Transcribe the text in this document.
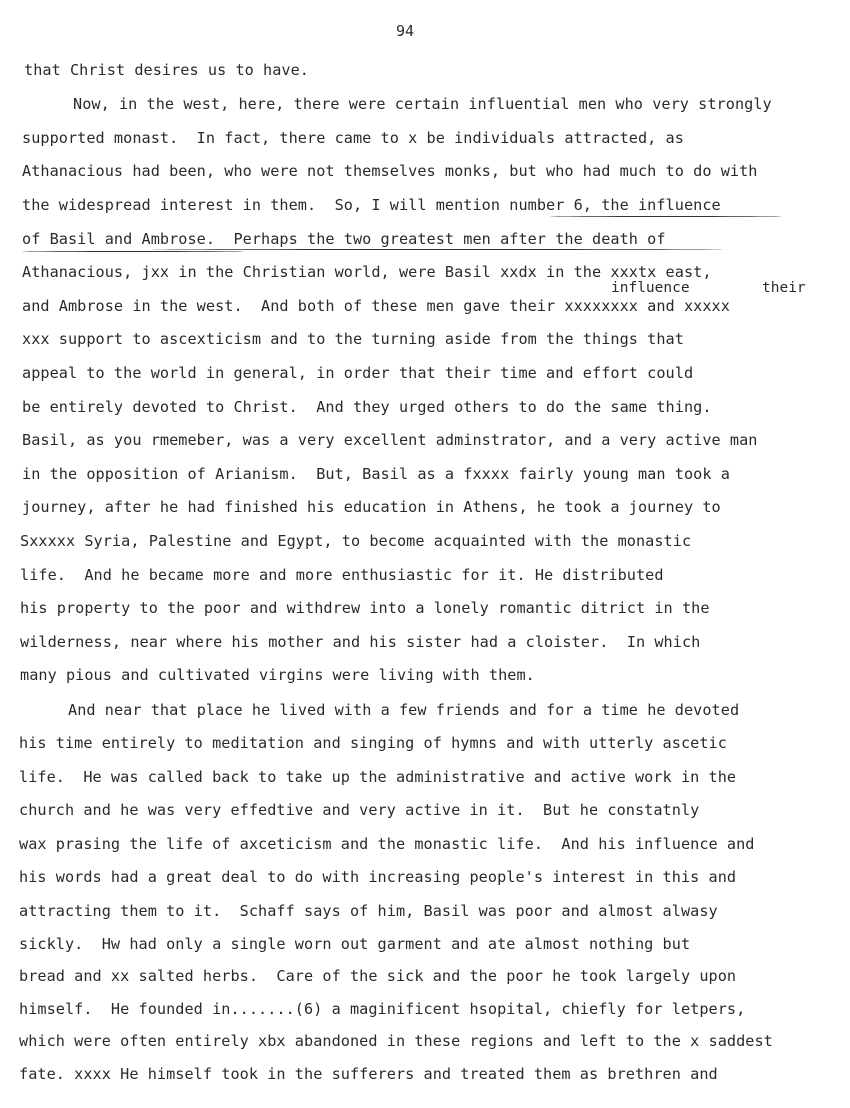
94
influence	their
that Christ desires us to have.
Now, in the west, here, there were certain influential men who very strongly
supported monast.  In fact, there came to x be individuals attracted, as
Athanacious had been, who were not themselves monks, but who had much to do with
the widespread interest in them.  So, I will mention number 6, the influence
of Basil and Ambrose.  Perhaps the two greatest men after the death of
Athanacious, jxx in the Christian world, were Basil xxdx in the xxxtx east,
and Ambrose in the west.  And both of these men gave their xxxxxxxx and xxxxx
xxx support to ascexticism and to the turning aside from the things that
appeal to the world in general, in order that their time and effort could
be entirely devoted to Christ.  And they urged others to do the same thing.
Basil, as you rmemeber, was a very excellent adminstrator, and a very active man
in the opposition of Arianism.  But, Basil as a fxxxx fairly young man took a
journey, after he had finished his education in Athens, he took a journey to
Sxxxxx Syria, Palestine and Egypt, to become acquainted with the monastic
life.  And he became more and more enthusiastic for it. He distributed
his property to the poor and withdrew into a lonely romantic ditrict in the
wilderness, near where his mother and his sister had a cloister.  In which
many pious and cultivated virgins were living with them.
And near that place he lived with a few friends and for a time he devoted
his time entirely to meditation and singing of hymns and with utterly ascetic
life.  He was called back to take up the administrative and active work in the
church and he was very effedtive and very active in it.  But he constatnly
wax prasing the life of axceticism and the monastic life.  And his influence and
his words had a great deal to do with increasing people's interest in this and
attracting them to it.  Schaff says of him, Basil was poor and almost alwasy
sickly.  Hw had only a single worn out garment and ate almost nothing but
bread and xx salted herbs.  Care of the sick and the poor he took largely upon
himself.  He founded in.......(6) a maginificent hsopital, chiefly for letpers,
which were often entirely xbx abandoned in these regions and left to the x saddest
fate. xxxx He himself took in the sufferers and treated them as brethren and
